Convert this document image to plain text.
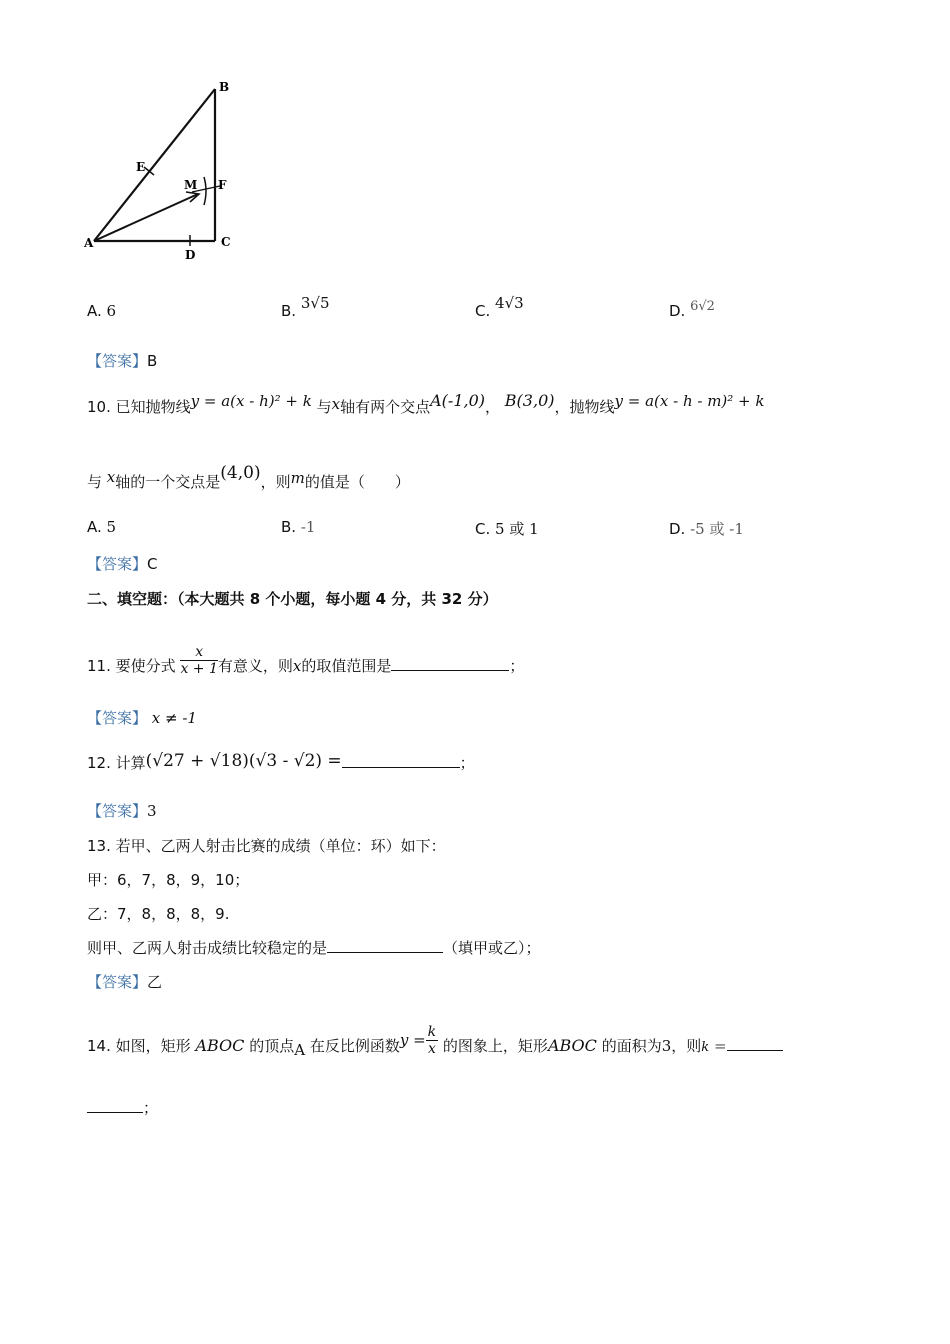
A
B
C
D
E
F
M
A. 6	B. 3√5	C. 4√3	D. 6√2
【答案】B
10. 已知抛物线y = a(x - h)² + k 与x轴有两个交点A(-1,0)， B(3,0)，抛物线y = a(x - h - m)² + k
与 x轴的一个交点是(4,0)，则m的值是（　　）
A. 5	B. -1	C. 5 或 1	D. -5 或 -1
【答案】C
二、填空题：（本大题共 8 个小题，每小题 4 分，共 32 分）
11. 要使分式 $\frac{x}{x + 1}$ 有意义，则x的取值范围是	；
【答案】 x ≠ -1
12. 计算(√27 + √18)(√3 - √2) =	；
【答案】3
13. 若甲、乙两人射击比赛的成绩（单位：环）如下：
甲：6，7，8，9，10；
乙：7，8，8，8，9.
则甲、乙两人射击成绩比较稳定的是	（填甲或乙）；
【答案】乙
14. 如图，矩形 ABOC 的顶点A 在反比例函数$y = \frac{k}{x}$ 的图象上，矩形ABOC 的面积为3，则k =
；
